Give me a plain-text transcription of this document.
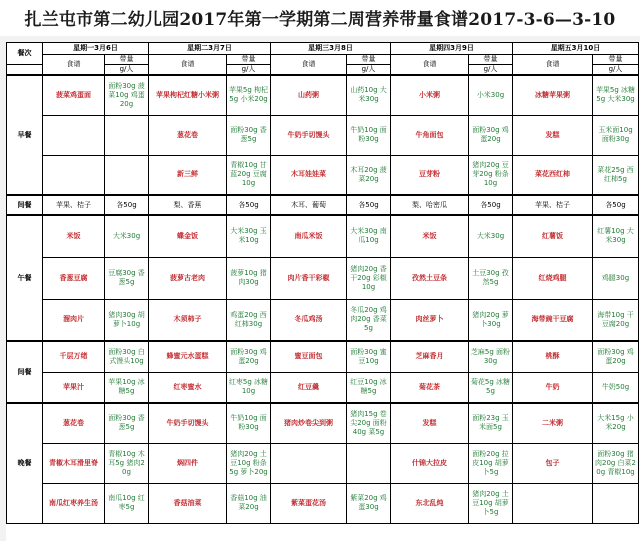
扎兰屯市第二幼儿园2017年第一学期第二周营养带量食谱2017-3-6—3-10
餐次	星期一3月6日		星期二3月7日		星期三3月8日		星期四3月9日		星期五3月10日	
	食谱	带量	食谱	带量	食谱	带量	食谱	带量	食谱	带量
		g/人		g/人		g/人		g/人		g/人
早餐	菠菜鸡蛋面	面粉30g 菠菜10g 鸡蛋20g	苹果枸杞红糖小米粥	苹果5g 枸杞5g 小米20g	山药粥	山药10g 大米30g	小米粥	小米30g	冰糖苹果粥	苹果5g 冰糖5g 大米30g
			葱花卷	面粉30g 香葱5g	牛奶手切馒头	牛奶10g 面粉30g	牛角面包	面粉30g 鸡蛋20g	发糕	玉米面10g 面粉30g
			新三鲜	青椒10g 甘蓝20g 豆腐10g	木耳娃娃菜	木耳20g 菠菜20g	豆芽粉	猪肉20g 豆芽20g 粉条10g	菜花西红柿	菜花25g 西红柿5g
间餐	苹果、桔子	各50g	梨、香蕉	各50g	木耳、葡萄	各50g	梨、哈密瓜	各50g	苹果、桔子	各50g
午餐	米饭	大米30g	蝶金饭	大米30g 玉米10g	南瓜米饭	大米30g 南瓜10g	米饭	大米30g	红薯饭	红薯10g 大米30g
	香葱豆腐	豆腐30g 香葱5g	菠萝古老肉	菠萝10g 猪肉30g	肉片香干彩椒	猪肉20g 香干20g 彩椒10g	孜然土豆条	土豆30g 孜然5g	红烧鸡腿	鸡腿30g
	溜肉片	猪肉30g 胡萝卜10g	木须柿子	鸡蛋20g 西红柿30g	冬瓜鸡汤	冬瓜20g 鸡肉20g 香菜5g	肉丝萝卜	猪肉20g 萝卜30g	海带豌干豆腐	海带10g 干豆腐20g
间餐	千层万绪	面粉30g 白式馒头10g	蜂蜜元水蛋糕	面粉30g 鸡蛋20g	蜜豆面包	面粉30g 蜜豆10g	芝麻香月	芝麻5g 面粉30g	桃酥	面粉30g 鸡蛋20g
	苹果汁	苹果10g 冰糖5g	红枣蜜水	红枣5g 冰糖10g	红豆羹	红豆10g 冰糖5g	菊花茶	菊花5g 冰糖5g	牛奶	牛奶50g
晚餐	葱花卷	面粉30g 香葱5g	牛奶手切馒头	牛奶10g 面粉30g	猪肉炒卷尖到粥	猪肉15g 卷尖20g 面粉40g 菜5g	发糕	面粉23g 玉米面5g	二米粥	大米15g 小米20g
	青椒木耳滑里脊	青椒10g 木耳5g 猪肉20g	焖四件	猪肉20g 土豆10g 粉条5g 萝卜20g			什锦大拉皮	面粉20g 拉皮10g 胡萝卜5g	包子	面粉30g 猪肉20g 白菜20g 青椒10g
	南瓜红枣养生汤	南瓜10g 红枣5g	香菇油菜	香菇10g 油菜20g	紫菜蛋花汤	紫菜20g 鸡蛋30g	东北乱炖	猪肉20g 土豆10g 胡萝卜5g		
